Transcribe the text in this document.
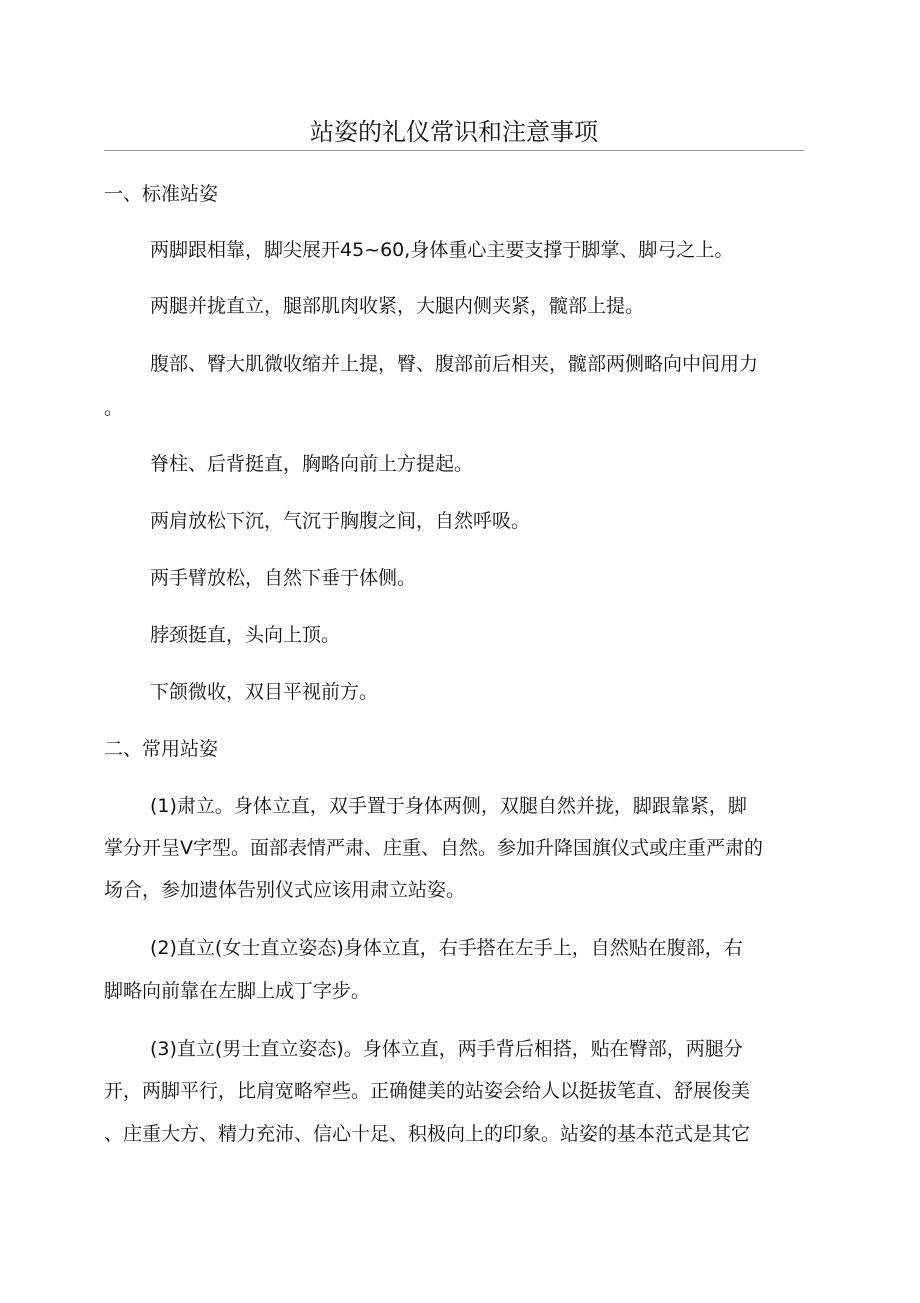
站姿的礼仪常识和注意事项
一、标准站姿
两脚跟相靠，脚尖展开45~60,身体重心主要支撑于脚掌、脚弓之上。
两腿并拢直立，腿部肌肉收紧，大腿内侧夹紧，髋部上提。
腹部、臀大肌微收缩并上提，臀、腹部前后相夹，髋部两侧略向中间用力
。
脊柱、后背挺直，胸略向前上方提起。
两肩放松下沉，气沉于胸腹之间，自然呼吸。
两手臂放松，自然下垂于体侧。
脖颈挺直，头向上顶。
下颌微收，双目平视前方。
二、常用站姿
(1)肃立。身体立直，双手置于身体两侧，双腿自然并拢，脚跟靠紧，脚
掌分开呈V字型。面部表情严肃、庄重、自然。参加升降国旗仪式或庄重严肃的
场合，参加遗体告别仪式应该用肃立站姿。
(2)直立(女士直立姿态)身体立直，右手搭在左手上，自然贴在腹部，右
脚略向前靠在左脚上成丁字步。
(3)直立(男士直立姿态)。身体立直，两手背后相搭，贴在臀部，两腿分
开，两脚平行，比肩宽略窄些。正确健美的站姿会给人以挺拔笔直、舒展俊美
、庄重大方、精力充沛、信心十足、积极向上的印象。站姿的基本范式是其它
